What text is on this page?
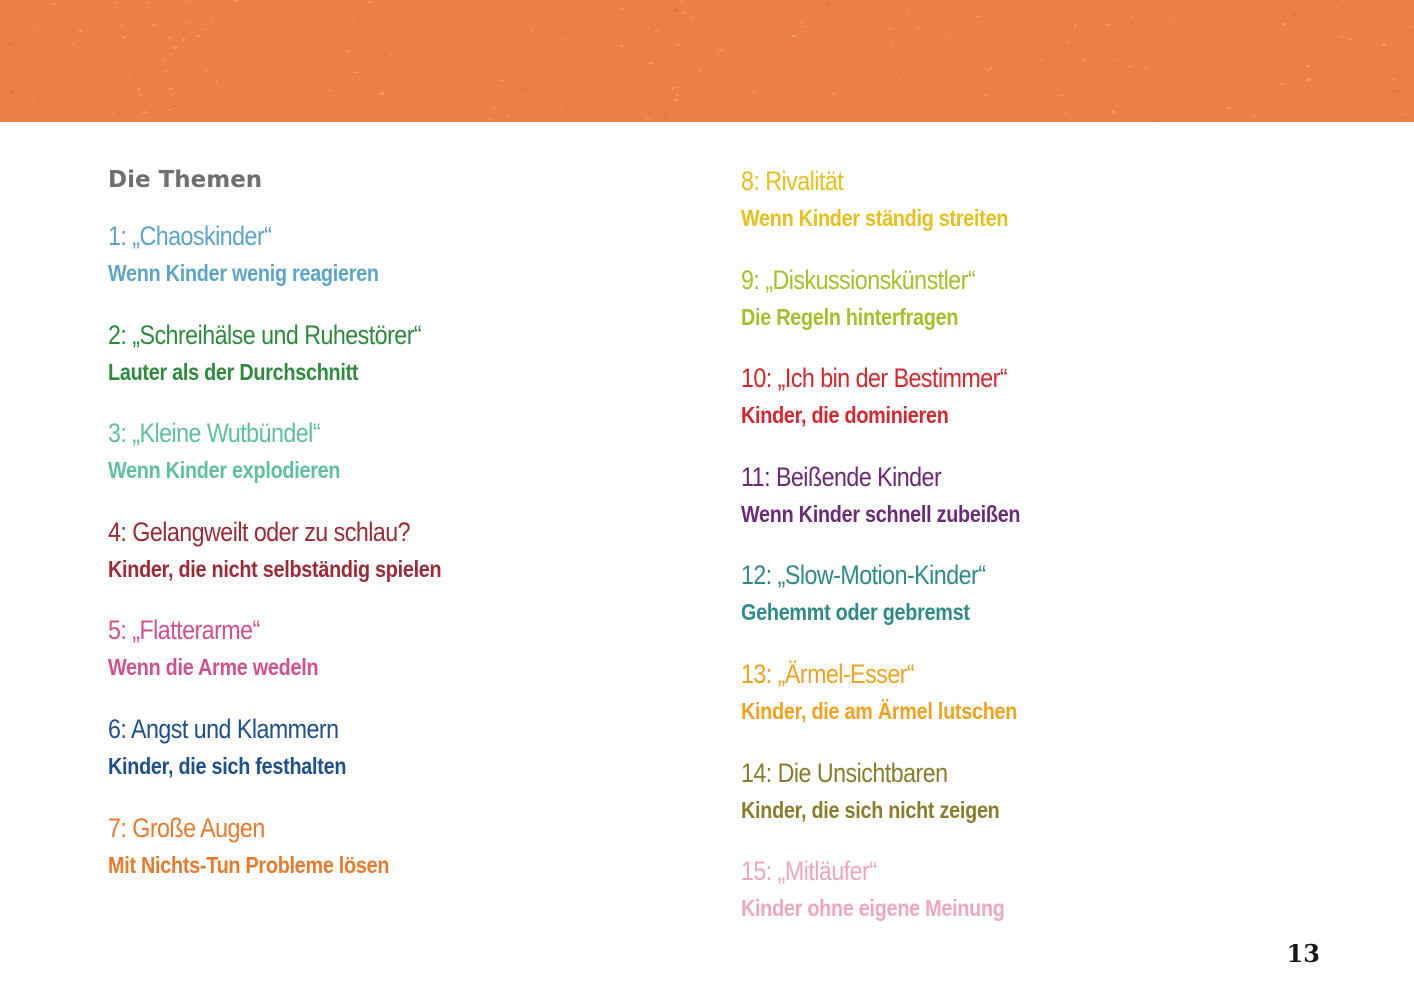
Die Themen

1: „Chaoskinder“

Wenn Kinder wenig reagieren

2: „Schreihälse und Ruhestörer“

Lauter als der Durchschnitt

3: „Kleine Wutbündel“

Wenn Kinder explodieren

4: Gelangweilt oder zu schlau?

Kinder, die nicht selbständig spielen

5: „Flatterarme“

Wenn die Arme wedeln

6: Angst und Klammern

Kinder, die sich festhalten

7: Große Augen

Mit Nichts-Tun Probleme lösen

8: Rivalität

Wenn Kinder ständig streiten

9: „Diskussionskünstler“

Die Regeln hinterfragen

10: „Ich bin der Bestimmer“

Kinder, die dominieren

11: Beißende Kinder

Wenn Kinder schnell zubeißen

12: „Slow-Motion-Kinder“

Gehemmt oder gebremst

13: „Ärmel-Esser“

Kinder, die am Ärmel lutschen

14: Die Unsichtbaren

Kinder, die sich nicht zeigen

15: „Mitläufer“

Kinder ohne eigene Meinung

13
